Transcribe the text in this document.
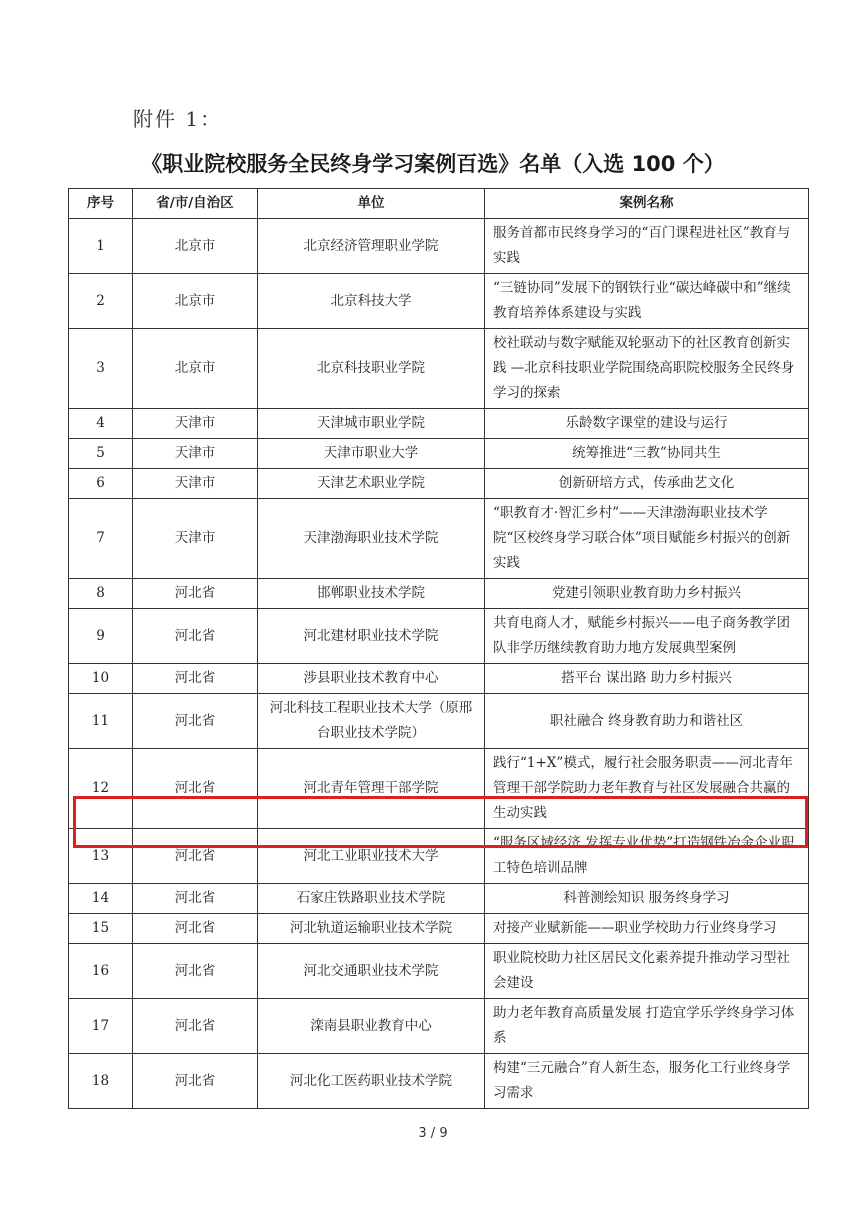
附件 1：
《职业院校服务全民终身学习案例百选》名单（入选 100 个）
序号	省/市/自治区	单位	案例名称
1	北京市	北京经济管理职业学院	服务首都市民终身学习的“百门课程进社区”教育与实践
2	北京市	北京科技大学	“三链协同”发展下的钢铁行业“碳达峰碳中和”继续教育培养体系建设与实践
3	北京市	北京科技职业学院	校社联动与数字赋能双轮驱动下的社区教育创新实践 —北京科技职业学院围绕高职院校服务全民终身学习的探索
4	天津市	天津城市职业学院	乐龄数字课堂的建设与运行
5	天津市	天津市职业大学	统筹推进“三教”协同共生
6	天津市	天津艺术职业学院	创新研培方式，传承曲艺文化
7	天津市	天津渤海职业技术学院	“职教育才·智汇乡村”——天津渤海职业技术学院“区校终身学习联合体”项目赋能乡村振兴的创新实践
8	河北省	邯郸职业技术学院	党建引领职业教育助力乡村振兴
9	河北省	河北建材职业技术学院	共育电商人才，赋能乡村振兴——电子商务教学团队非学历继续教育助力地方发展典型案例
10	河北省	涉县职业技术教育中心	搭平台 谋出路 助力乡村振兴
11	河北省	河北科技工程职业技术大学（原邢台职业技术学院）	职社融合 终身教育助力和谐社区
12	河北省	河北青年管理干部学院	践行“1+X”模式，履行社会服务职责——河北青年管理干部学院助力老年教育与社区发展融合共赢的生动实践
13	河北省	河北工业职业技术大学	“服务区域经济 发挥专业优势”打造钢铁冶金企业职工特色培训品牌
14	河北省	石家庄铁路职业技术学院	科普测绘知识 服务终身学习
15	河北省	河北轨道运输职业技术学院	对接产业赋新能——职业学校助力行业终身学习
16	河北省	河北交通职业技术学院	职业院校助力社区居民文化素养提升推动学习型社会建设
17	河北省	滦南县职业教育中心	助力老年教育高质量发展 打造宜学乐学终身学习体系
18	河北省	河北化工医药职业技术学院	构建“三元融合”育人新生态，服务化工行业终身学习需求
3 / 9
